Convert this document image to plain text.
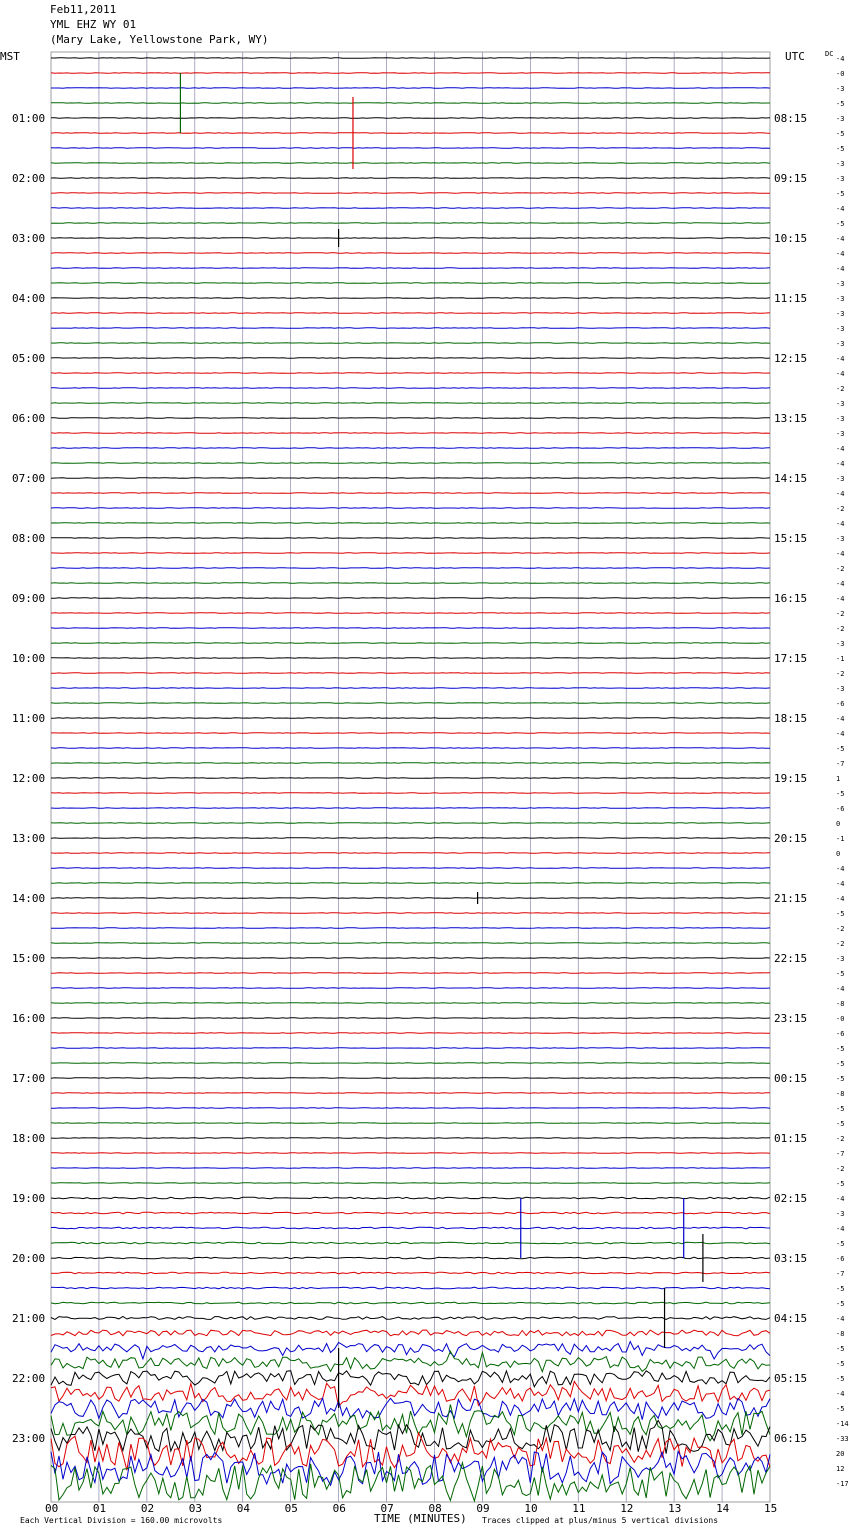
Feb11,2011
YML EHZ WY 01
(Mary Lake, Yellowstone Park, WY)
MST	UTC	DC
01:00
02:00
03:00
04:00
05:00
06:00
07:00
08:00
09:00
10:00
11:00
12:00
13:00
14:00
15:00
16:00
17:00
18:00
19:00
20:00
21:00
22:00
23:00
08:15
09:15
10:15
11:15
12:15
13:15
14:15
15:15
16:15
17:15
18:15
19:15
20:15
21:15
22:15
23:15
00:15
01:15
02:15
03:15
04:15
05:15
06:15
-4
-0
-3
-5
-3
-5
-5
-3
-3
-5
-4
-5
-4
-4
-4
-3
-3
-3
-3
-3
-4
-4
-2
-3
-3
-3
-4
-4
-3
-4
-2
-4
-3
-4
-2
-4
-4
-2
-2
-3
-1
-2
-3
-6
-4
-4
-5
-7
1
-5
-6
0
-1
0
-4
-4
-4
-5
-2
-2
-3
-5
-4
-8
-0
-6
-5
-5
-5
-8
-5
-5
-2
-7
-2
-5
-4
-3
-4
-5
-6
-7
-5
-5
-4
-8
-5
-5
-5
-4
-5
-14
-33
20
12
-17
00	01	02	03	04	05	06	07	08	09	10	11	12	13	14	15
TIME (MINUTES)
Each Vertical Division = 160.00 microvolts	Traces clipped at plus/minus 5 vertical divisions
